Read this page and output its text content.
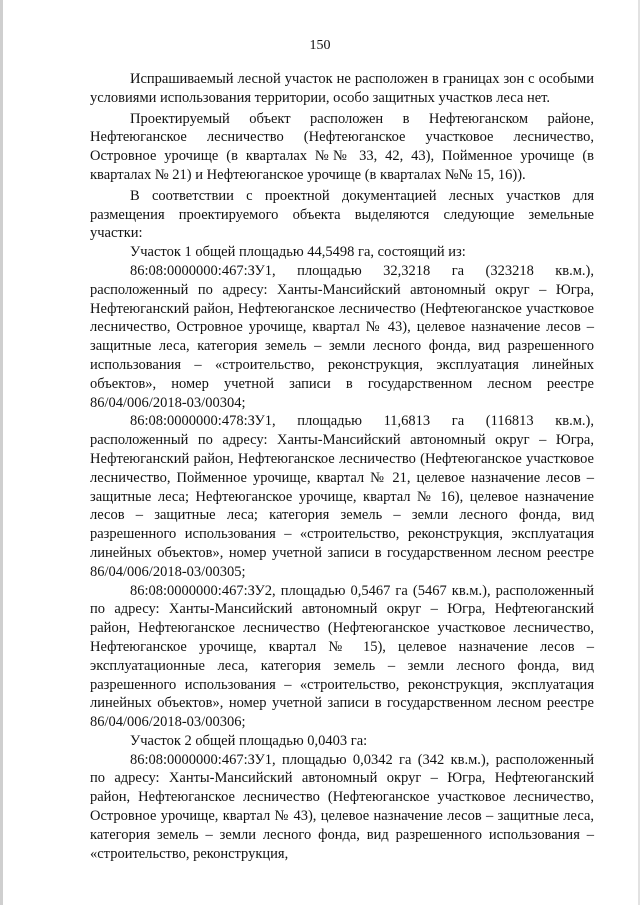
150

Испрашиваемый лесной участок не расположен в границах зон с особыми условиями использования территории, особо защитных участков леса нет.

Проектируемый объект расположен в Нефтеюганском районе, Нефтеюганское лесничество (Нефтеюганское участковое лесничество, Островное урочище (в кварталах №№ 33, 42, 43), Пойменное урочище (в кварталах № 21) и Нефтеюганское урочище (в кварталах №№ 15, 16)).

В соответствии с проектной документацией лесных участков для размещения проектируемого объекта выделяются следующие земельные участки:

Участок 1 общей площадью 44,5498 га, состоящий из:

86:08:0000000:467:ЗУ1, площадью 32,3218 га (323218 кв.м.), расположенный по адресу: Ханты-Мансийский автономный округ – Югра, Нефтеюганский район, Нефтеюганское лесничество (Нефтеюганское участковое лесничество, Островное урочище, квартал № 43), целевое назначение лесов – защитные леса, категория земель – земли лесного фонда, вид разрешенного использования – «строительство, реконструкция, эксплуатация линейных объектов», номер учетной записи в государственном лесном реестре 86/04/006/2018-03/00304;

86:08:0000000:478:ЗУ1, площадью 11,6813 га (116813 кв.м.), расположенный по адресу: Ханты-Мансийский автономный округ – Югра, Нефтеюганский район, Нефтеюганское лесничество (Нефтеюганское участковое лесничество, Пойменное урочище, квартал № 21, целевое назначение лесов – защитные леса; Нефтеюганское урочище, квартал № 16), целевое назначение лесов – защитные леса; категория земель – земли лесного фонда, вид разрешенного использования – «строительство, реконструкция, эксплуатация линейных объектов», номер учетной записи в государственном лесном реестре 86/04/006/2018-03/00305;

86:08:0000000:467:ЗУ2, площадью 0,5467 га (5467 кв.м.), расположенный по адресу: Ханты-Мансийский автономный округ – Югра, Нефтеюганский район, Нефтеюганское лесничество (Нефтеюганское участковое лесничество, Нефтеюганское урочище, квартал № 15), целевое назначение лесов – эксплуатационные леса, категория земель – земли лесного фонда, вид разрешенного использования – «строительство, реконструкция, эксплуатация линейных объектов», номер учетной записи в государственном лесном реестре 86/04/006/2018-03/00306;

Участок 2 общей площадью 0,0403 га:

86:08:0000000:467:ЗУ1, площадью 0,0342 га (342 кв.м.), расположенный по адресу: Ханты-Мансийский автономный округ – Югра, Нефтеюганский район, Нефтеюганское лесничество (Нефтеюганское участковое лесничество, Островное урочище, квартал № 43), целевое назначение лесов – защитные леса, категория земель – земли лесного фонда, вид разрешенного использования – «строительство, реконструкция,
